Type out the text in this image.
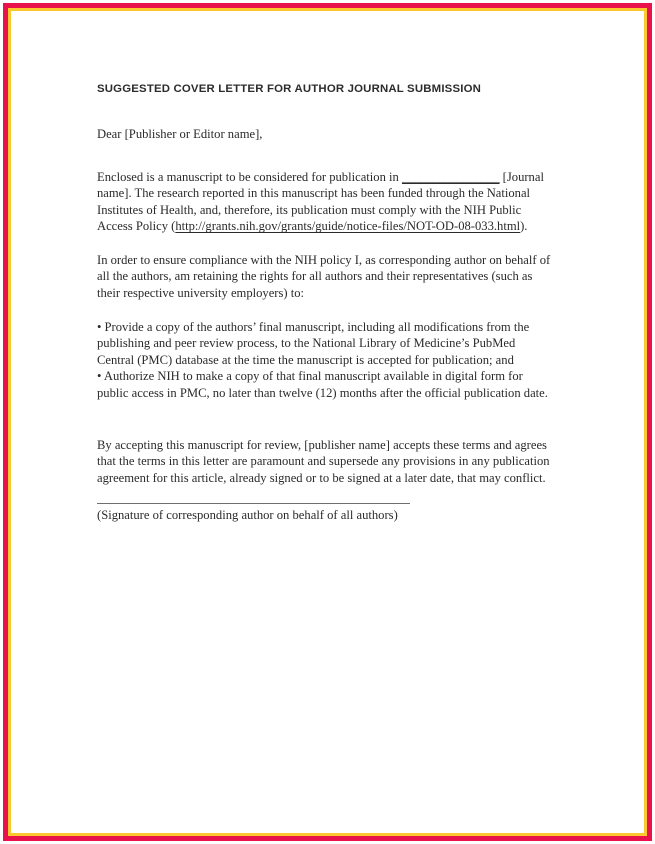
SUGGESTED COVER LETTER FOR AUTHOR JOURNAL SUBMISSION

Dear [Publisher or Editor name],

Enclosed is a manuscript to be considered for publication in ________________ [Journal name]. The research reported in this manuscript has been funded through the National Institutes of Health, and, therefore, its publication must comply with the NIH Public Access Policy (http://grants.nih.gov/grants/guide/notice-files/NOT-OD-08-033.html).

In order to ensure compliance with the NIH policy I, as corresponding author on behalf of all the authors, am retaining the rights for all authors and their representatives (such as their respective university employers) to:

• Provide a copy of the authors’ final manuscript, including all modifications from the publishing and peer review process, to the National Library of Medicine’s PubMed Central (PMC) database at the time the manuscript is accepted for publication; and

• Authorize NIH to make a copy of that final manuscript available in digital form for public access in PMC, no later than twelve (12) months after the official publication date.

By accepting this manuscript for review, [publisher name] accepts these terms and agrees that the terms in this letter are paramount and supersede any provisions in any publication agreement for this article, already signed or to be signed at a later date, that may conflict.

(Signature of corresponding author on behalf of all authors)
